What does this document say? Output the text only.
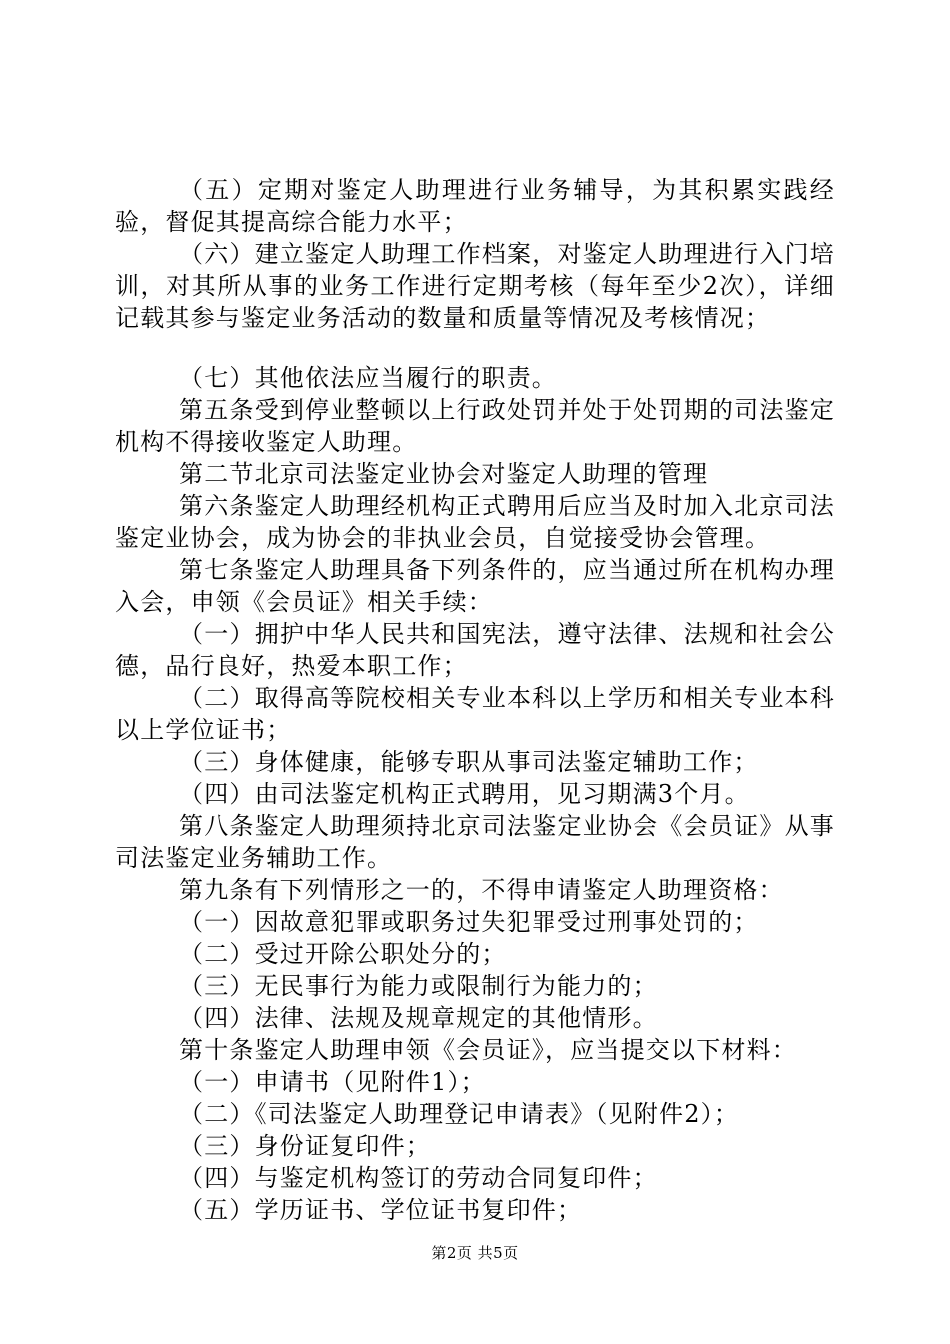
（五）定期对鉴定人助理进行业务辅导，为其积累实践经验，督促其提高综合能力水平；

（六）建立鉴定人助理工作档案，对鉴定人助理进行入门培训，对其所从事的业务工作进行定期考核（每年至少2次），详细记载其参与鉴定业务活动的数量和质量等情况及考核情况；

（七）其他依法应当履行的职责。

第五条受到停业整顿以上行政处罚并处于处罚期的司法鉴定机构不得接收鉴定人助理。

第二节北京司法鉴定业协会对鉴定人助理的管理

第六条鉴定人助理经机构正式聘用后应当及时加入北京司法鉴定业协会，成为协会的非执业会员，自觉接受协会管理。

第七条鉴定人助理具备下列条件的，应当通过所在机构办理入会，申领《会员证》相关手续：

（一）拥护中华人民共和国宪法，遵守法律、法规和社会公德，品行良好，热爱本职工作；

（二）取得高等院校相关专业本科以上学历和相关专业本科以上学位证书；

（三）身体健康，能够专职从事司法鉴定辅助工作；

（四）由司法鉴定机构正式聘用，见习期满3个月。

第八条鉴定人助理须持北京司法鉴定业协会《会员证》从事司法鉴定业务辅助工作。

第九条有下列情形之一的，不得申请鉴定人助理资格：

（一）因故意犯罪或职务过失犯罪受过刑事处罚的；

（二）受过开除公职处分的；

（三）无民事行为能力或限制行为能力的；

（四）法律、法规及规章规定的其他情形。

第十条鉴定人助理申领《会员证》，应当提交以下材料：

（一）申请书（见附件1）；

（二）《司法鉴定人助理登记申请表》（见附件2）；

（三）身份证复印件；

（四）与鉴定机构签订的劳动合同复印件；

（五）学历证书、学位证书复印件；

第2页 共5页
